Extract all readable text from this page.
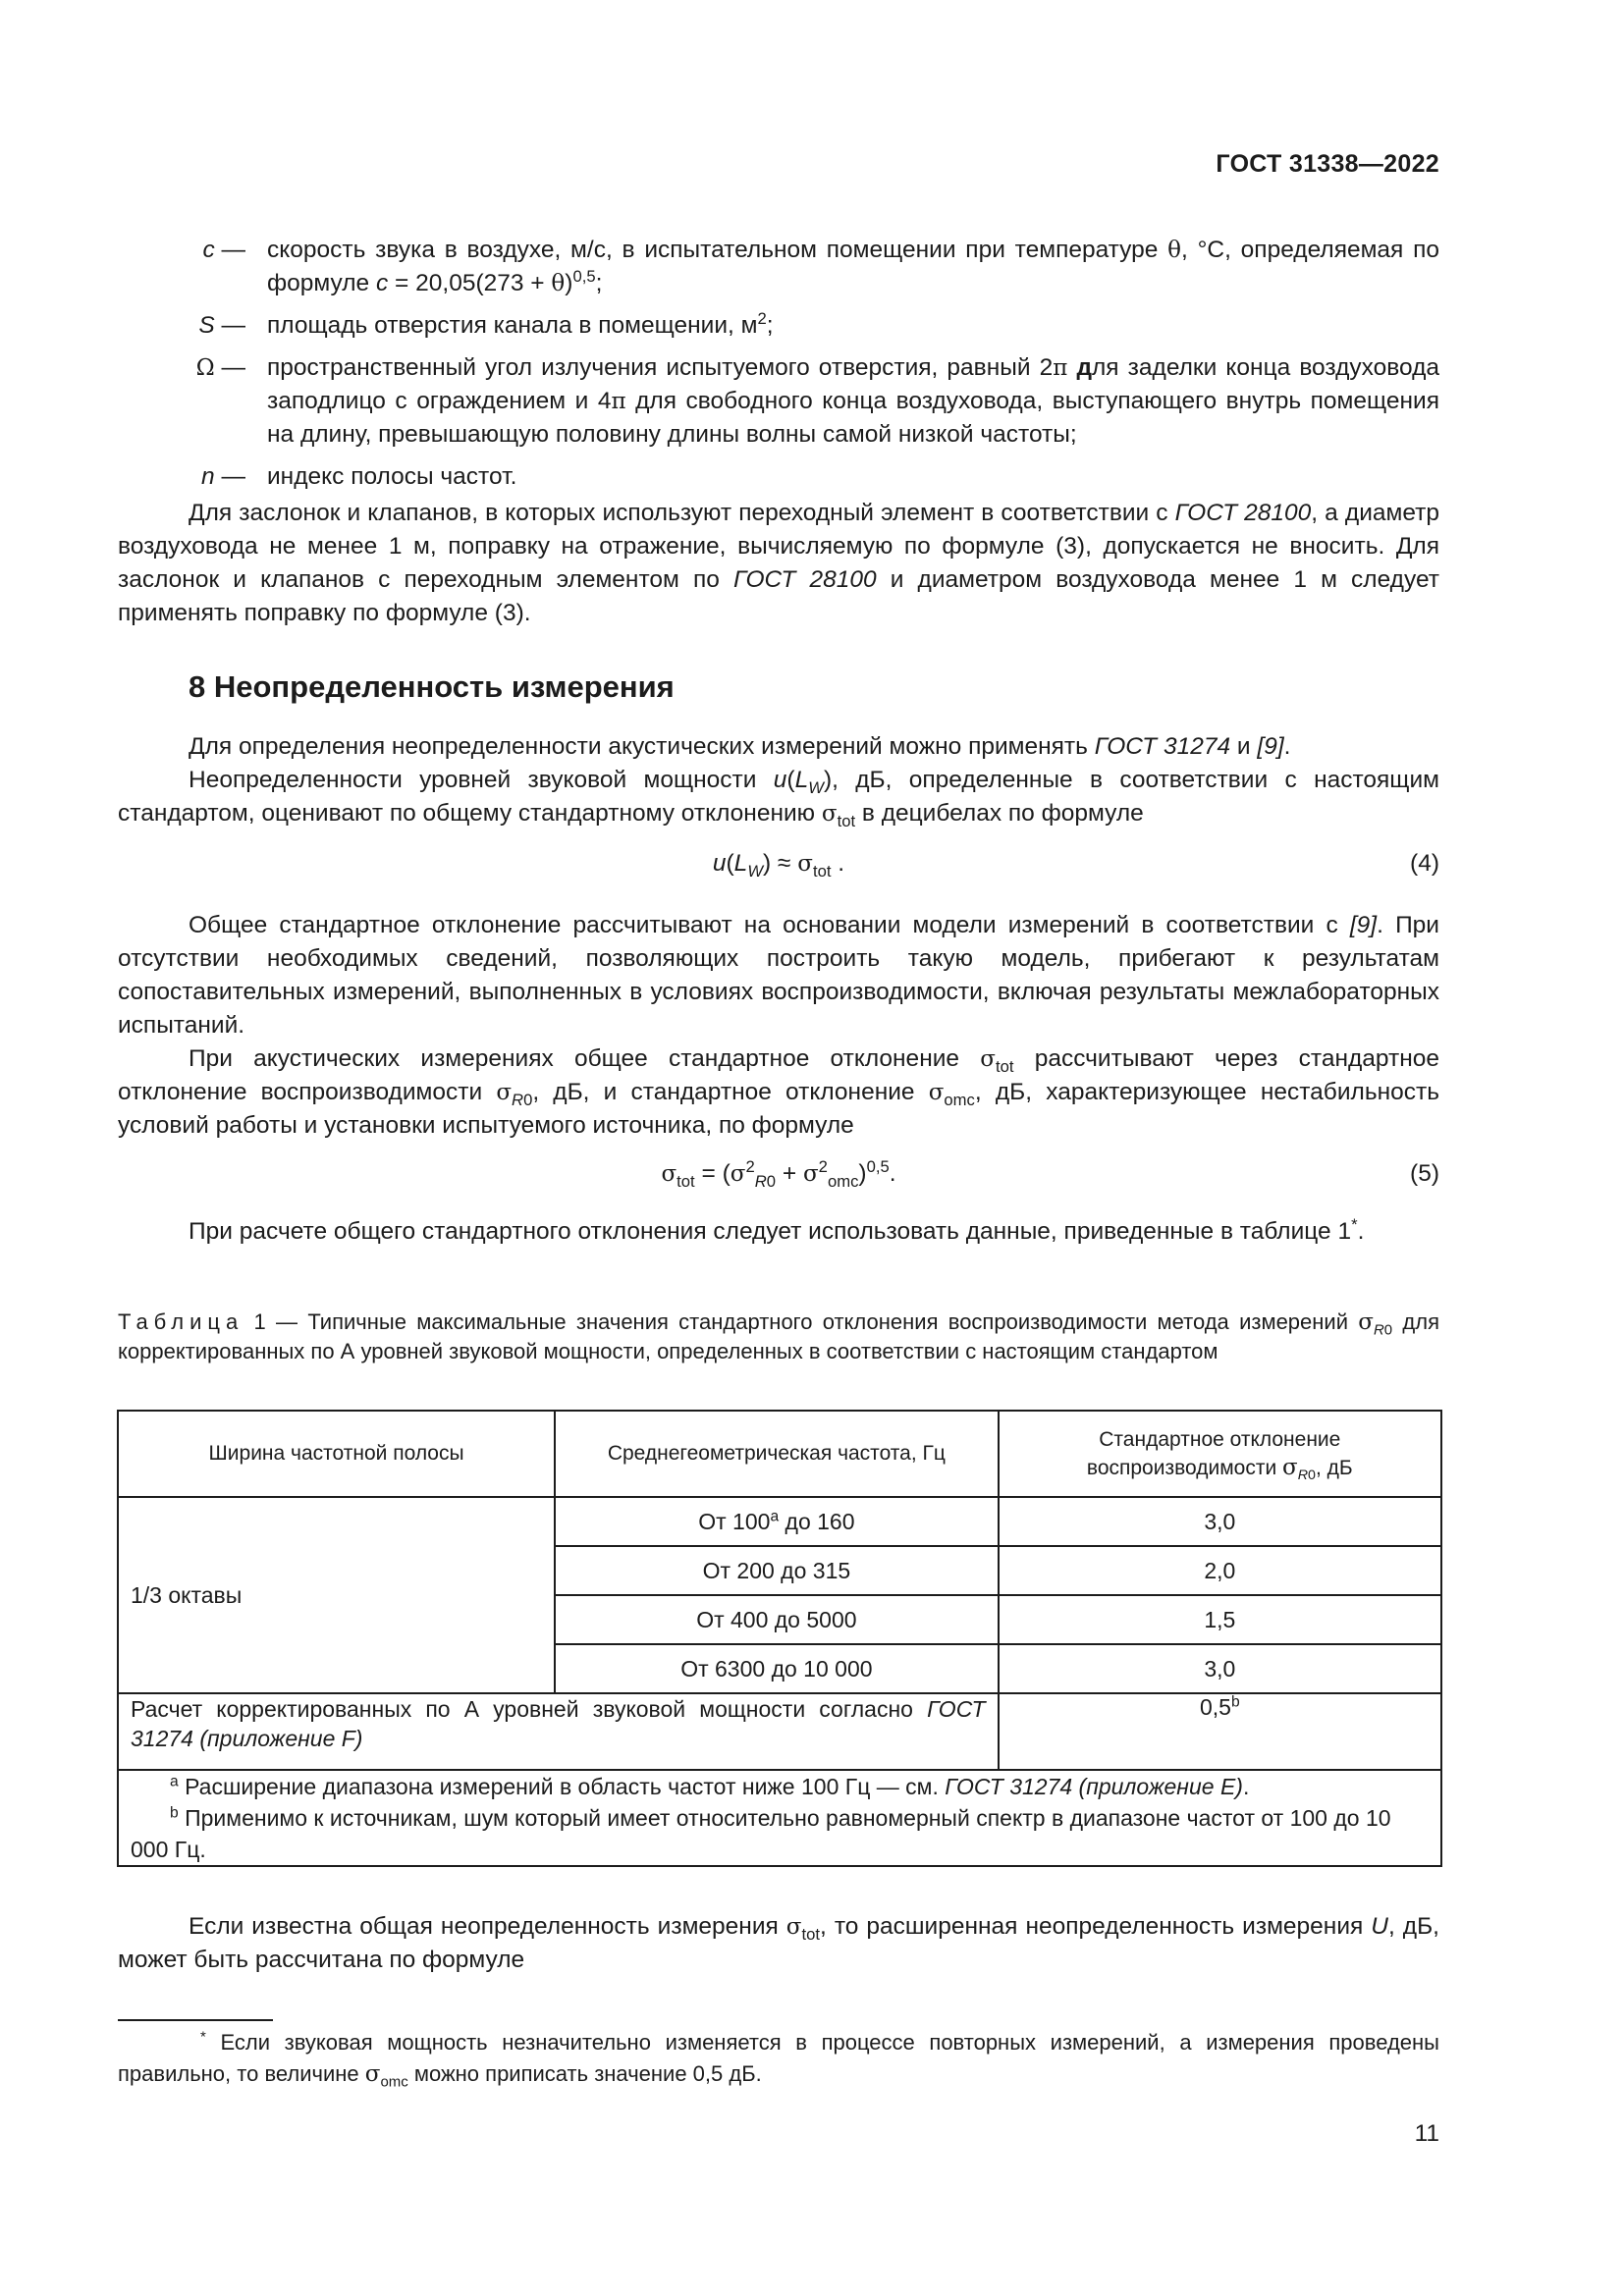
ГОСТ 31338—2022
c — скорость звука в воздухе, м/с, в испытательном помещении при температуре θ, °С, определяемая по формуле $c = 20,05(273 + \theta)^{0,5}$;
S — площадь отверстия канала в помещении, $м^2$;
Ω — пространственный угол излучения испытуемого отверстия, равный 2π для заделки конца воздуховода заподлицо с ограждением и 4π для свободного конца воздуховода, выступающего внутрь помещения на длину, превышающую половину длины волны самой низкой частоты;
n — индекс полосы частот.
Для заслонок и клапанов, в которых используют переходный элемент в соответствии с ГОСТ 28100, а диаметр воздуховода не менее 1 м, поправку на отражение, вычисляемую по формуле (3), допускается не вносить. Для заслонок и клапанов с переходным элементом по ГОСТ 28100 и диаметром воздуховода менее 1 м следует применять поправку по формуле (3).
8 Неопределенность измерения
Для определения неопределенности акустических измерений можно применять ГОСТ 31274 и [9].
Неопределенности уровней звуковой мощности $u(L_W)$, дБ, определенные в соответствии с настоящим стандартом, оценивают по общему стандартному отклонению $\sigma_{tot}$ в децибелах по формуле
$u(L_W) \approx \sigma_{tot}$ .	(4)
Общее стандартное отклонение рассчитывают на основании модели измерений в соответствии с [9]. При отсутствии необходимых сведений, позволяющих построить такую модель, прибегают к результатам сопоставительных измерений, выполненных в условиях воспроизводимости, включая результаты межлабораторных испытаний.
При акустических измерениях общее стандартное отклонение $\sigma_{tot}$ рассчитывают через стандартное отклонение воспроизводимости $\sigma_{R0}$, дБ, и стандартное отклонение $\sigma_{omc}$, дБ, характеризующее нестабильность условий работы и установки испытуемого источника, по формуле
$\sigma_{tot} = (\sigma^2_{R0} + \sigma^2_{omc})^{0,5}$.	(5)
При расчете общего стандартного отклонения следует использовать данные, приведенные в таблице 1*.
Таблица 1 — Типичные максимальные значения стандартного отклонения воспроизводимости метода измерений $\sigma_{R0}$ для корректированных по А уровней звуковой мощности, определенных в соответствии с настоящим стандартом
Ширина частотной полосы	Среднегеометрическая частота, Гц	Стандартное отклонение
воспроизводимости $\sigma_{R0}$, дБ
1/3 октавы	От $100^а$ до 160	3,0
	От 200 до 315	2,0
	От 400 до 5000	1,5
	От 6300 до 10 000	3,0
Расчет корректированных по А уровней звуковой мощности согласно ГОСТ 31274 (приложение F)		0,5$^b$

$^а$ Расширение диапазона измерений в область частот ниже 100 Гц — см. ГОСТ 31274 (приложение E).
$^b$ Применимо к источникам, шум который имеет относительно равномерный спектр в диапазоне частот от 100 до 10 000 Гц.		
Если известна общая неопределенность измерения $\sigma_{tot}$, то расширенная неопределенность измерения U, дБ, может быть рассчитана по формуле
* Если звуковая мощность незначительно изменяется в процессе повторных измерений, а измерения проведены правильно, то величине $\sigma_{omc}$ можно приписать значение 0,5 дБ.
11
